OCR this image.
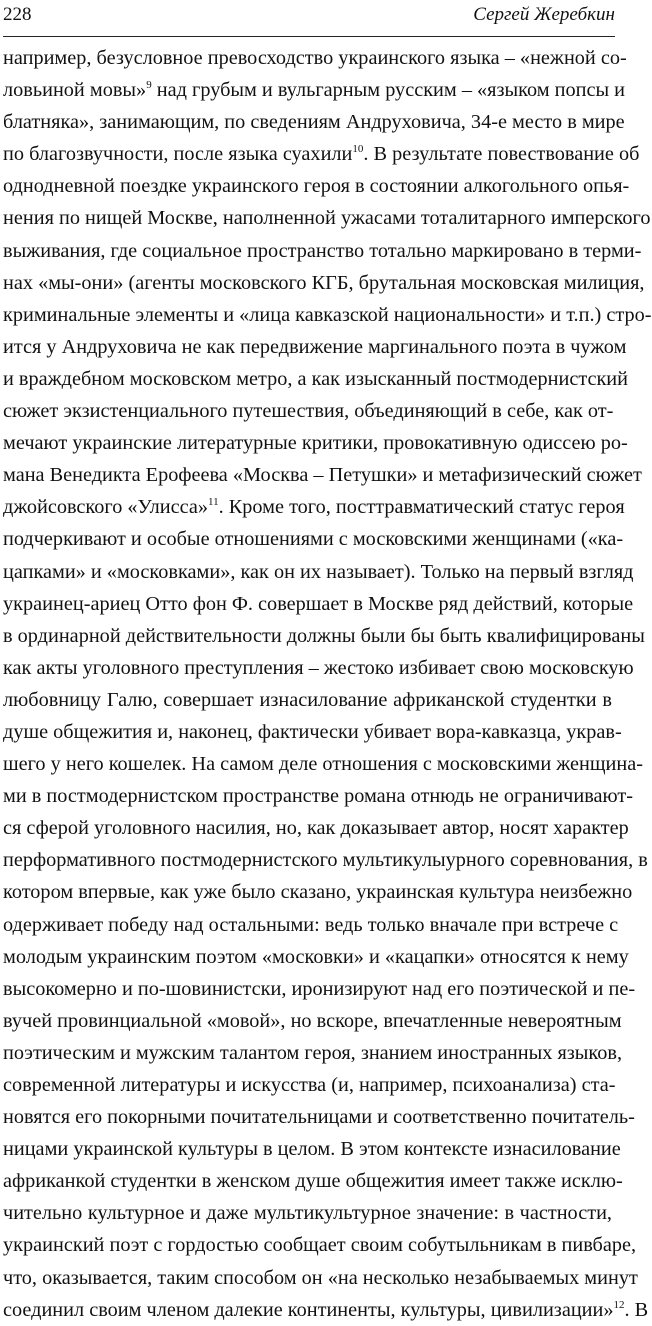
228	Сергей Жеребкин
например, безусловное превосходство украинского языка – «нежной со-
ловьиной мовы»$^9$ над грубым и вульгарным русским – «языком попсы и
блатняка», занимающим, по сведениям Андруховича, 34-е место в мире
по благозвучности, после языка суахили$^{10}$. В результате повествование об
однодневной поездке украинского героя в состоянии алкогольного опья-
нения по нищей Москве, наполненной ужасами тоталитарного имперского
выживания, где социальное пространство тотально маркировано в терми-
нах «мы-они» (агенты московского КГБ, брутальная московская милиция,
криминальные элементы и «лица кавказской национальности» и т.п.) стро-
ится у Андруховича не как передвижение маргинального поэта в чужом
и враждебном московском метро, а как изысканный постмодернистский
сюжет экзистенциального путешествия, объединяющий в себе, как от-
мечают украинские литературные критики, провокативную одиссею ро-
мана Венедикта Ерофеева «Москва – Петушки» и метафизический сюжет
джойсовского «Улисса»$^{11}$. Кроме того, посттравматический статус героя
подчеркивают и особые отношениями с московскими женщинами («ка-
цапками» и «московками», как он их называет). Только на первый взгляд
украинец-ариец Отто фон Ф. совершает в Москве ряд действий, которые
в ординарной действительности должны были бы быть квалифицированы
как акты уголовного преступления – жестоко избивает свою московскую
любовницу Галю, совершает изнасилование африканской студентки в
душе общежития и, наконец, фактически убивает вора-кавказца, украв-
шего у него кошелек. На самом деле отношения с московскими женщина-
ми в постмодернистском пространстве романа отнюдь не ограничивают-
ся сферой уголовного насилия, но, как доказывает автор, носят характер
перформативного постмодернистского мультикулыурного соревнования, в
котором впервые, как уже было сказано, украинская культура неизбежно
одерживает победу над остальными: ведь только вначале при встрече с
молодым украинским поэтом «московки» и «кацапки» относятся к нему
высокомерно и по-шовинистски, иронизируют над его поэтической и пе-
вучей провинциальной «мовой», но вскоре, впечатленные невероятным
поэтическим и мужским талантом героя, знанием иностранных языков,
современной литературы и искусства (и, например, психоанализа) ста-
новятся его покорными почитательницами и соответственно почитатель-
ницами украинской культуры в целом. В этом контексте изнасилование
африканкой студентки в женском душе общежития имеет также исклю-
чительно культурное и даже мультикультурное значение: в частности,
украинский поэт с гордостью сообщает своим собутыльникам в пивбаре,
что, оказывается, таким способом он «на несколько незабываемых минут
соединил своим членом далекие континенты, культуры, цивилизации»$^{12}$. В
